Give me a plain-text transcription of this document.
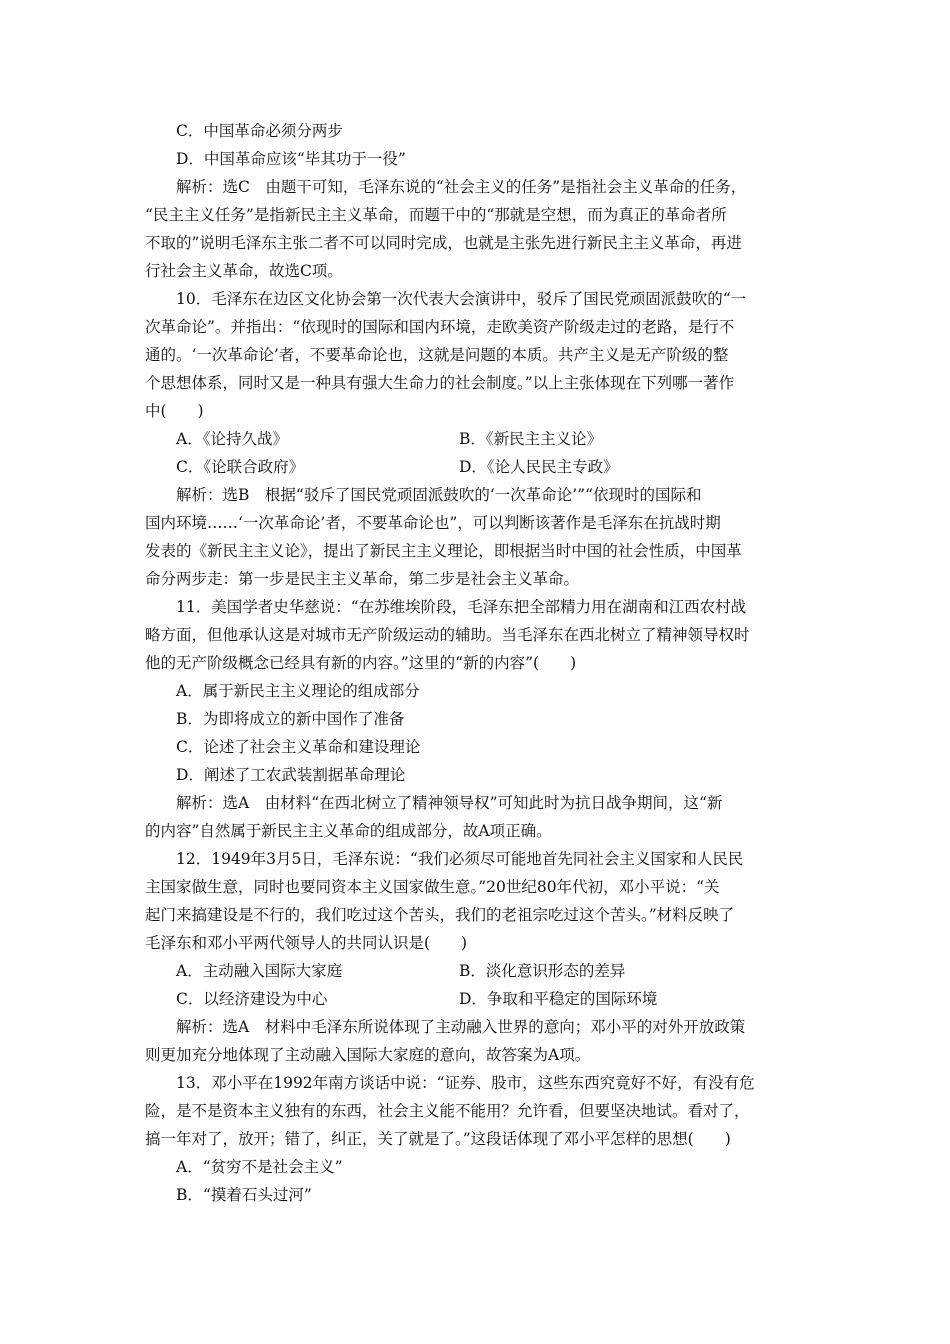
C．中国革命必须分两步
D．中国革命应该“毕其功于一役”
解析：选C　由题干可知，毛泽东说的“社会主义的任务”是指社会主义革命的任务，
“民主主义任务”是指新民主主义革命，而题干中的“那就是空想，而为真正的革命者所
不取的”说明毛泽东主张二者不可以同时完成，也就是主张先进行新民主主义革命，再进
行社会主义革命，故选C项。
10．毛泽东在边区文化协会第一次代表大会演讲中，驳斥了国民党顽固派鼓吹的“一
次革命论”。并指出：“依现时的国际和国内环境，走欧美资产阶级走过的老路，是行不
通的。‘一次革命论’者，不要革命论也，这就是问题的本质。共产主义是无产阶级的整
个思想体系，同时又是一种具有强大生命力的社会制度。”以上主张体现在下列哪一著作
中(　　)
A．《论持久战》	B．《新民主主义论》
C．《论联合政府》	D．《论人民民主专政》
解析：选B　根据“驳斥了国民党顽固派鼓吹的‘一次革命论’”“依现时的国际和
国内环境……‘一次革命论’者，不要革命论也”，可以判断该著作是毛泽东在抗战时期
发表的《新民主主义论》，提出了新民主主义理论，即根据当时中国的社会性质，中国革
命分两步走：第一步是民主主义革命，第二步是社会主义革命。
11．美国学者史华慈说：“在苏维埃阶段，毛泽东把全部精力用在湖南和江西农村战
略方面，但他承认这是对城市无产阶级运动的辅助。当毛泽东在西北树立了精神领导权时
他的无产阶级概念已经具有新的内容。”这里的“新的内容”(　　)
A．属于新民主主义理论的组成部分
B．为即将成立的新中国作了准备
C．论述了社会主义革命和建设理论
D．阐述了工农武装割据革命理论
解析：选A　由材料“在西北树立了精神领导权”可知此时为抗日战争期间，这“新
的内容”自然属于新民主主义革命的组成部分，故A项正确。
12．1949年3月5日，毛泽东说：“我们必须尽可能地首先同社会主义国家和人民民
主国家做生意，同时也要同资本主义国家做生意。”20世纪80年代初，邓小平说：“关
起门来搞建设是不行的，我们吃过这个苦头，我们的老祖宗吃过这个苦头。”材料反映了
毛泽东和邓小平两代领导人的共同认识是(　　)
A．主动融入国际大家庭	B．淡化意识形态的差异
C．以经济建设为中心	D．争取和平稳定的国际环境
解析：选A　材料中毛泽东所说体现了主动融入世界的意向；邓小平的对外开放政策
则更加充分地体现了主动融入国际大家庭的意向，故答案为A项。
13．邓小平在1992年南方谈话中说：“证券、股市，这些东西究竟好不好，有没有危
险，是不是资本主义独有的东西，社会主义能不能用？允许看，但要坚决地试。看对了，
搞一年对了，放开；错了，纠正，关了就是了。”这段话体现了邓小平怎样的思想(　　)
A．“贫穷不是社会主义”
B．“摸着石头过河”
